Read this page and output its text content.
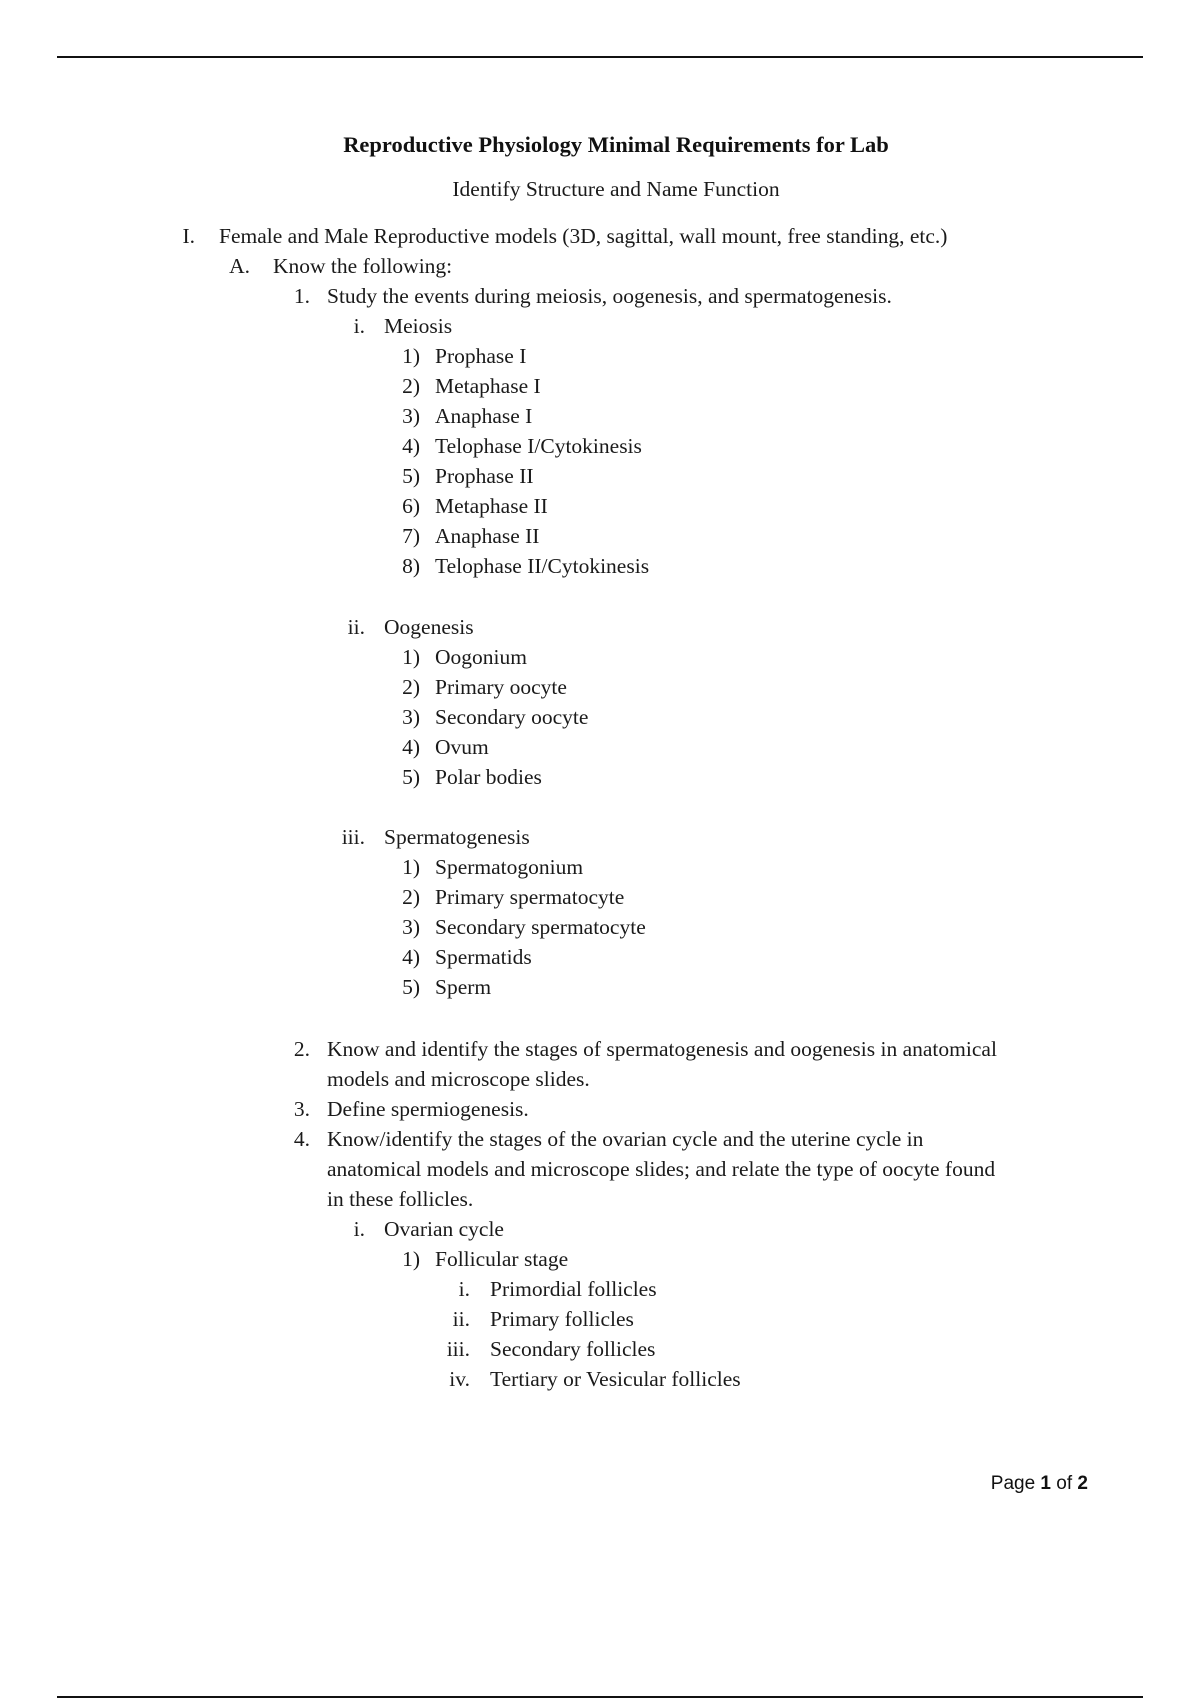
Reproductive Physiology Minimal Requirements for Lab
Identify Structure and Name Function
I. Female and Male Reproductive models (3D, sagittal, wall mount, free standing, etc.)
A. Know the following:
1. Study the events during meiosis, oogenesis, and spermatogenesis.
i. Meiosis
1) Prophase I
2) Metaphase I
3) Anaphase I
4) Telophase I/Cytokinesis
5) Prophase II
6) Metaphase II
7) Anaphase II
8) Telophase II/Cytokinesis
ii. Oogenesis
1) Oogonium
2) Primary oocyte
3) Secondary oocyte
4) Ovum
5) Polar bodies
iii. Spermatogenesis
1) Spermatogonium
2) Primary spermatocyte
3) Secondary spermatocyte
4) Spermatids
5) Sperm
2. Know and identify the stages of spermatogenesis and oogenesis in anatomical
models and microscope slides.
3. Define spermiogenesis.
4. Know/identify the stages of the ovarian cycle and the uterine cycle in
anatomical models and microscope slides; and relate the type of oocyte found
in these follicles.
i. Ovarian cycle
1) Follicular stage
i. Primordial follicles
ii. Primary follicles
iii. Secondary follicles
iv. Tertiary or Vesicular follicles
Page 1 of 2
